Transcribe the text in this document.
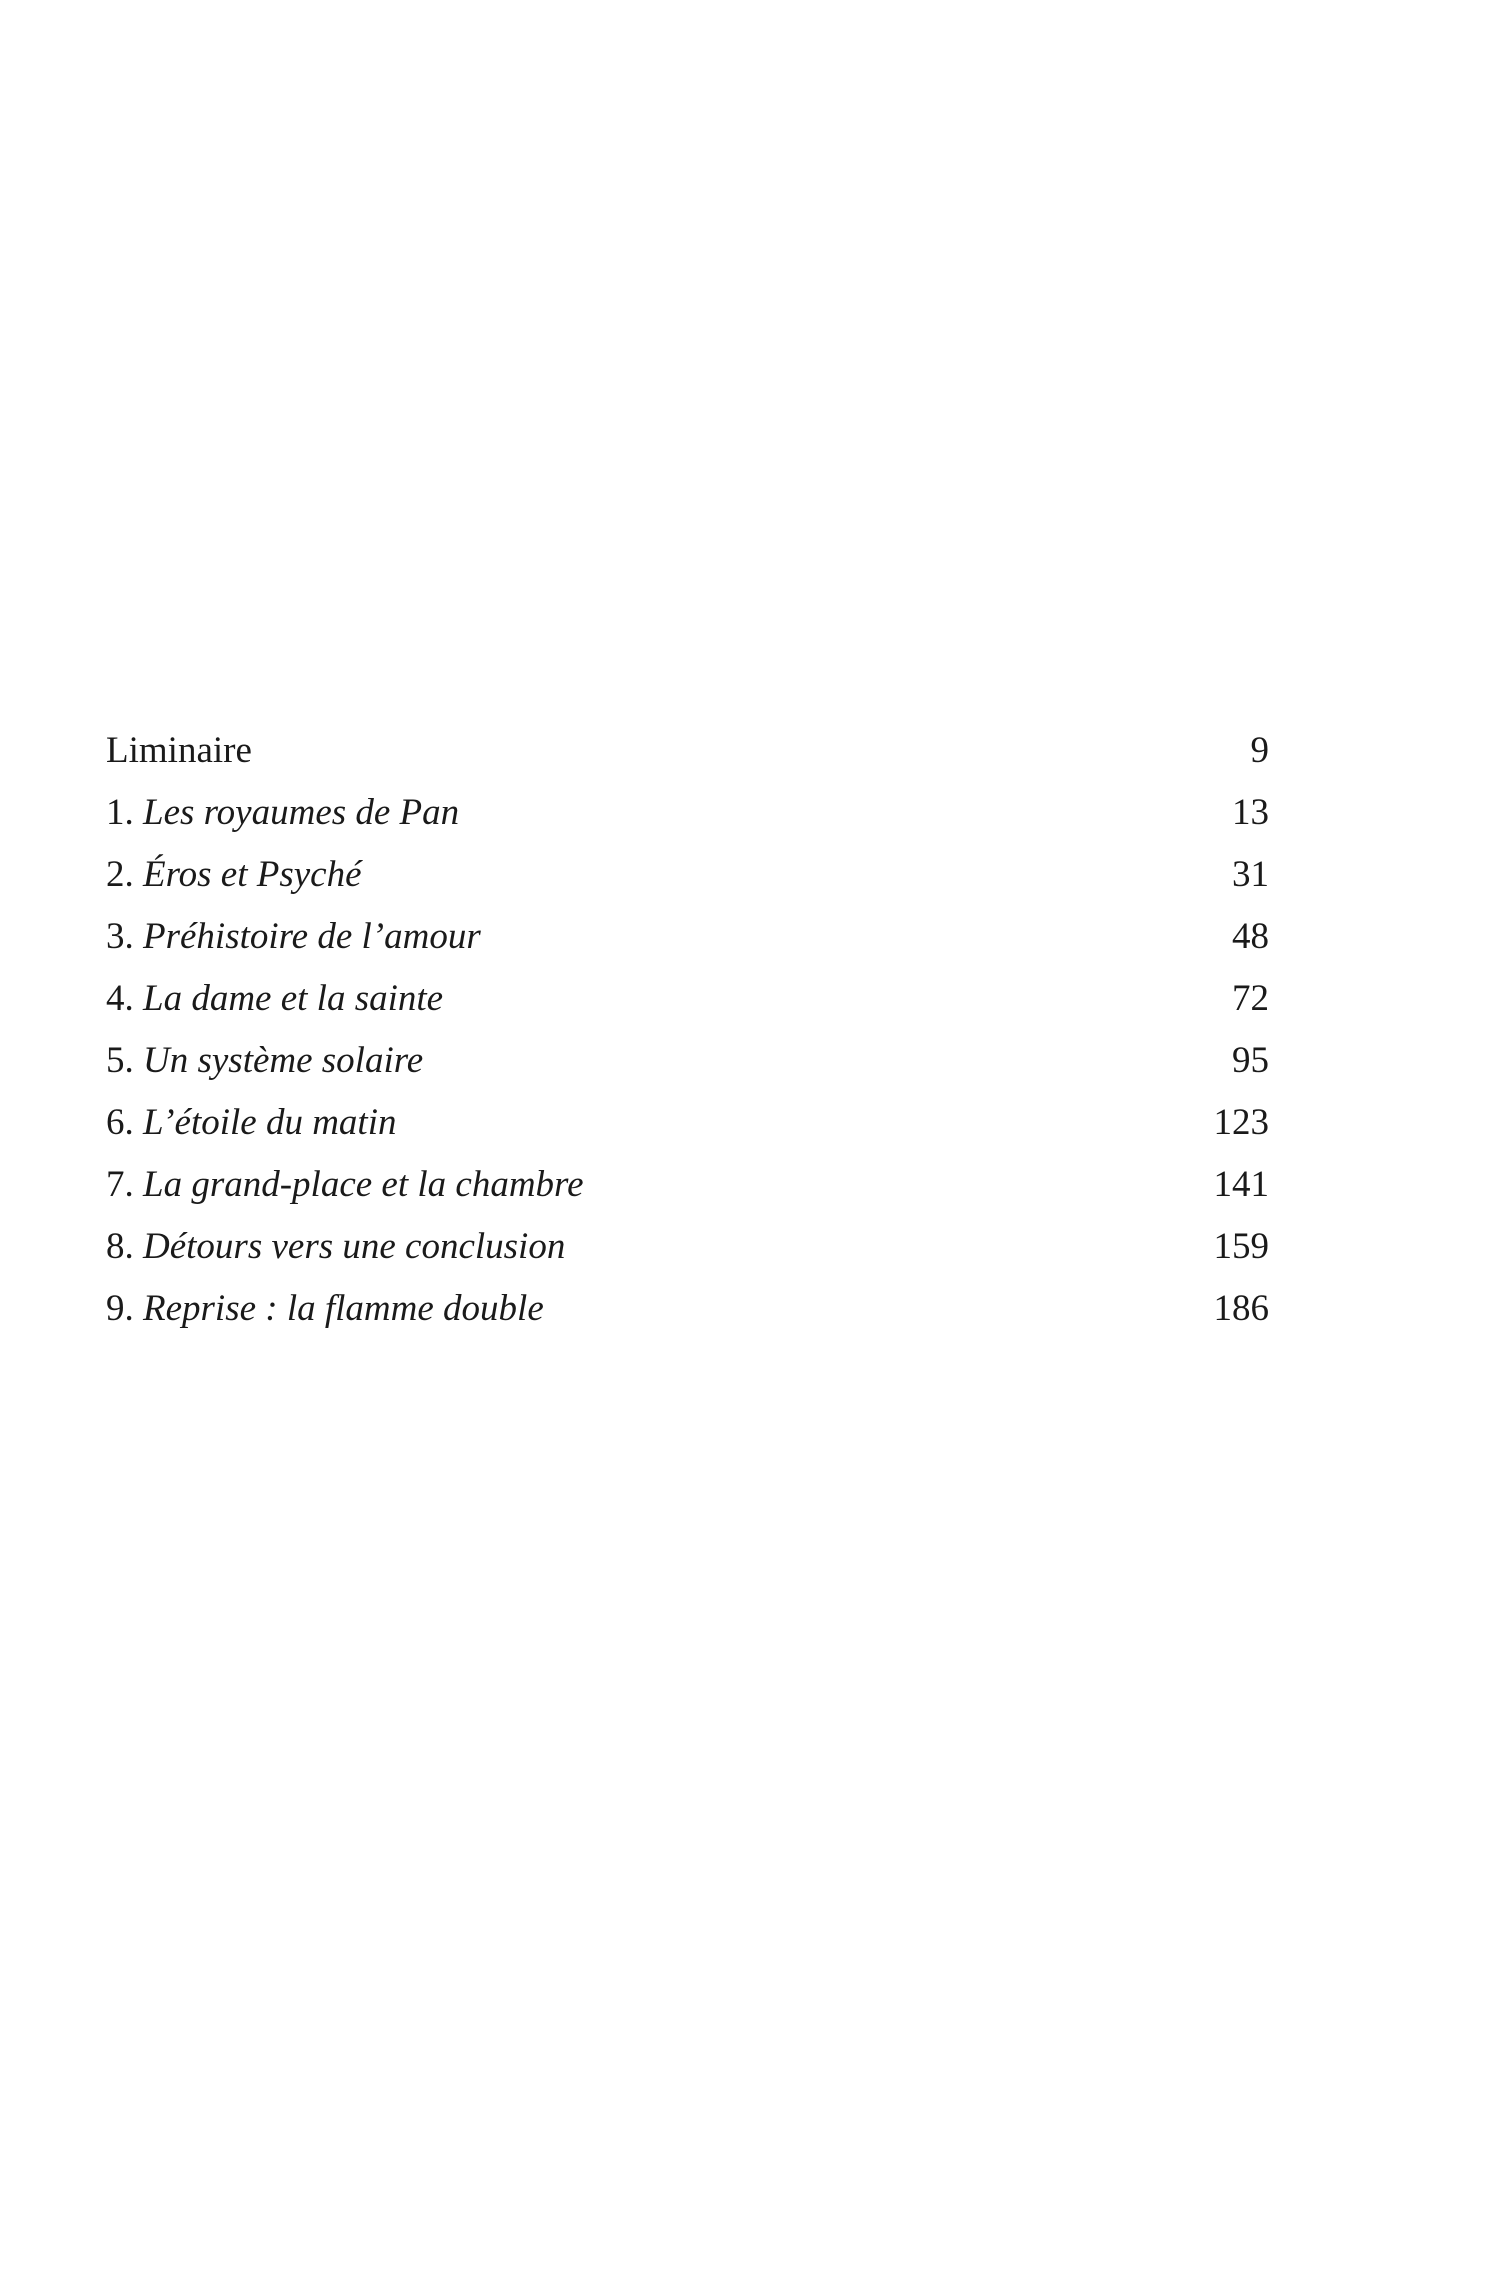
Liminaire	9
1. Les royaumes de Pan	13
2. Éros et Psyché	31
3. Préhistoire de l’amour	48
4. La dame et la sainte	72
5. Un système solaire	95
6. L’étoile du matin	123
7. La grand-place et la chambre	141
8. Détours vers une conclusion	159
9. Reprise : la flamme double	186
